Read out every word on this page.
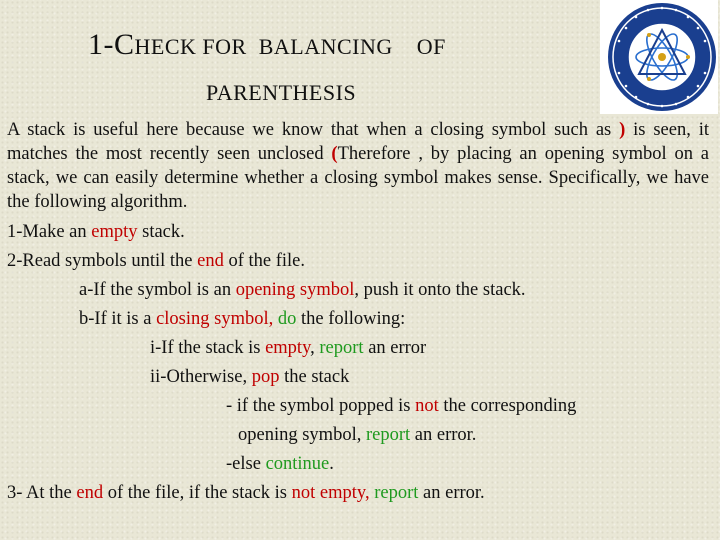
1-CHECK FOR BALANCING OF
PARENTHESIS

A stack is useful here because we know that when a closing symbol such as ) is seen, it matches the most recently seen unclosed (Therefore , by placing an opening symbol on a stack, we can easily determine whether a closing symbol makes sense. Specifically, we have the following algorithm.

1-Make an empty stack.
2-Read symbols until the end of the file.
a-If the symbol is an opening symbol, push it onto the stack.
b-If it is a closing symbol, do the following:
i-If the stack is empty, report an error
ii-Otherwise, pop the stack
- if the symbol popped is not the corresponding
opening symbol, report an error.
-else continue.
3- At the end of the file, if the stack is not empty, report an error.
